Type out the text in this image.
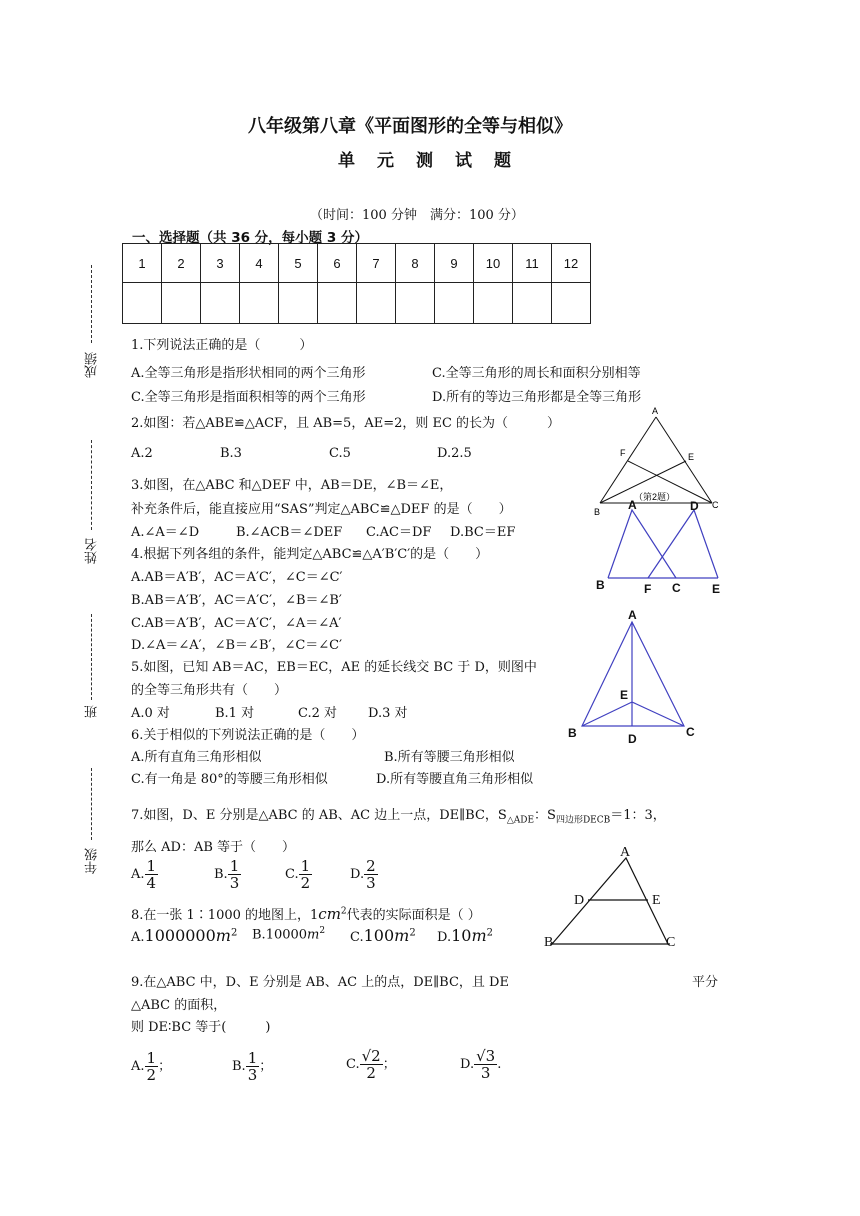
八年级第八章《平面图形的全等与相似》
单元测试题
（时间：100 分钟　满分：100 分）
一、选择题（共 36 分，每小题 3 分）
1	2	3	4	5	6	7	8	9	10	11	12

成绩
姓名
班
年级
1.下列说法正确的是（　　　）
A.全等三角形是指形状相同的两个三角形	C.全等三角形的周长和面积分别相等
C.全等三角形是指面积相等的两个三角形	D.所有的等边三角形都是全等三角形
2.如图：若△ABE≌△ACF，且 AB=5，AE=2，则 EC 的长为（　　　）
A.2	B.3	C.5	D.2.5
A
F	E
B
C
（第2题）
3.如图，在△ABC 和△DEF 中，AB＝DE，∠B＝∠E，
补充条件后，能直接应用“SAS”判定△ABC≌△DEF 的是（　　）
A.∠A＝∠D	B.∠ACB＝∠DEF C.AC＝DF D.BC＝EF
A	D
B	F C	E
4.根据下列各组的条件，能判定△ABC≌△A′B′C′的是（　　）
A.AB＝A′B′，AC＝A′C′，∠C＝∠C′
B.AB＝A′B′，AC＝A′C′，∠B＝∠B′
C.AB＝A′B′，AC＝A′C′，∠A＝∠A′
D.∠A＝∠A′，∠B＝∠B′，∠C＝∠C′
5.如图，已知 AB＝AC，EB＝EC，AE 的延长线交 BC 于 D，则图中
的全等三角形共有（　　）
A.0 对	B.1 对	C.2 对 D.3 对
A
E
B	D	C
6.关于相似的下列说法正确的是（　　）
A.所有直角三角形相似	B.所有等腰三角形相似
C.有一角是 80°的等腰三角形相似	D.所有等腰直角三角形相似
7.如图，D、E 分别是△ABC 的 AB、AC 边上一点，DE∥BC，$S_{\triangle ADE}$：$S_{四边形DECB}=1$：3，
那么 AD：AB 等于（　　）
A. $\frac{1}{4}$	B. $\frac{1}{3}$	C. $\frac{1}{2}$	D. $\frac{2}{3}$
A
D	E
B	C
8.在一张 1∶1000 的地图上，$1cm^2$代表的实际面积是（ ）
$A.1000000m^2$ $B.10000m^2$ $C.100m^2$ $D.10m^2$
9.在△ABC 中，D、E 分别是 AB、AC 上的点，DE∥BC，且 DE	平分
△ABC 的面积，
则 DE∶BC 等于(　　　)
A. $\frac{1}{2}$ ；	B. $\frac{1}{3}$ ；	C. $\frac{√2}{2}$ ；	D. $\frac{√3}{3}$ .
